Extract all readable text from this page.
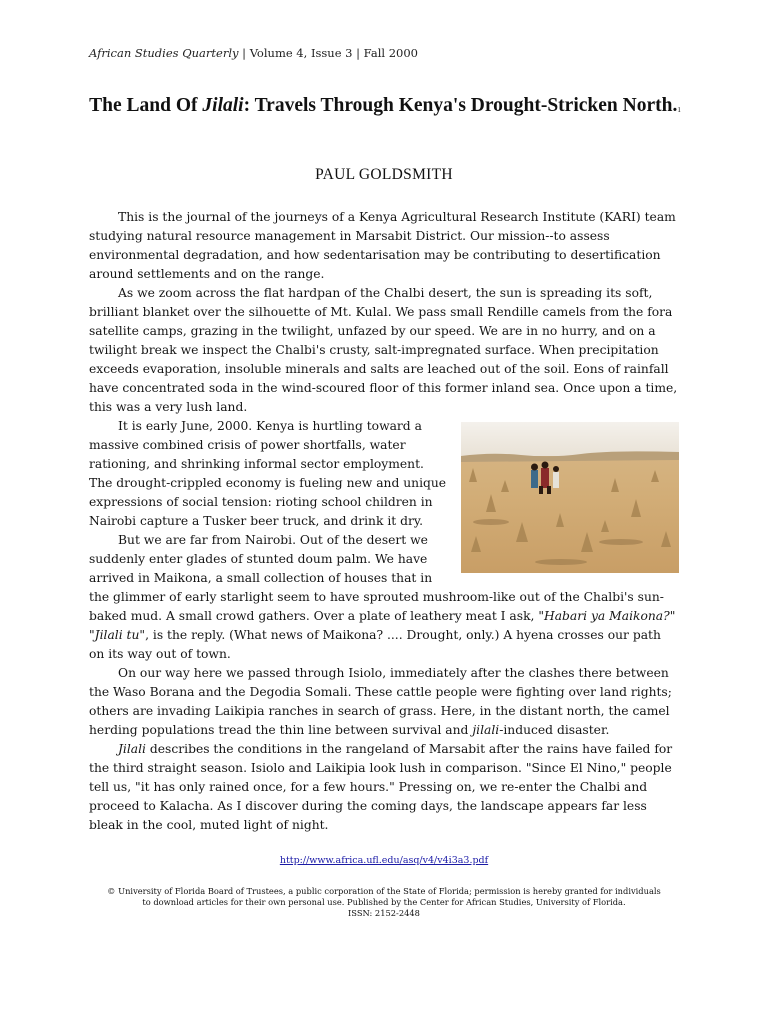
African Studies Quarterly | Volume 4, Issue 3 | Fall 2000
The Land Of Jilali: Travels Through Kenya's Drought-Stricken North.$^1$
PAUL GOLDSMITH

This is the journal of the journeys of a Kenya Agricultural Research Institute (KARI) team studying natural resource management in Marsabit District. Our mission--to assess environmental degradation, and how sedentarisation may be contributing to desertification around settlements and on the range.

As we zoom across the flat hardpan of the Chalbi desert, the sun is spreading its soft, brilliant blanket over the silhouette of Mt. Kulal. We pass small Rendille camels from the fora satellite camps, grazing in the twilight, unfazed by our speed. We are in no hurry, and on a twilight break we inspect the Chalbi's crusty, salt-impregnated surface. When precipitation exceeds evaporation, insoluble minerals and salts are leached out of the soil. Eons of rainfall have concentrated soda in the wind-scoured floor of this former inland sea. Once upon a time, this was a very lush land.

It is early June, 2000. Kenya is hurtling toward a massive combined crisis of power shortfalls, water rationing, and shrinking informal sector employment. The drought-crippled economy is fueling new and unique expressions of social tension: rioting school children in Nairobi capture a Tusker beer truck, and drink it dry.

But we are far from Nairobi. Out of the desert we suddenly enter glades of stunted doum palm. We have arrived in Maikona, a small collection of houses that in the glimmer of early starlight seem to have sprouted mushroom-like out of the Chalbi's sun-baked mud. A small crowd gathers. Over a plate of leathery meat I ask, "Habari ya Maikona?" "Jilali tu", is the reply. (What news of Maikona? .... Drought, only.) A hyena crosses our path on its way out of town.

On our way here we passed through Isiolo, immediately after the clashes there between the Waso Borana and the Degodia Somali. These cattle people were fighting over land rights; others are invading Laikipia ranches in search of grass. Here, in the distant north, the camel herding populations tread the thin line between survival and jilali-induced disaster.

Jilali describes the conditions in the rangeland of Marsabit after the rains have failed for the third straight season. Isiolo and Laikipia look lush in comparison. "Since El Nino," people tell us, "it has only rained once, for a few hours." Pressing on, we re-enter the Chalbi and proceed to Kalacha. As I discover during the coming days, the landscape appears far less bleak in the cool, muted light of night.

http://www.africa.ufl.edu/asq/v4/v4i3a3.pdf
© University of Florida Board of Trustees, a public corporation of the State of Florida; permission is hereby granted for individuals
to download articles for their own personal use. Published by the Center for African Studies, University of Florida.
ISSN: 2152-2448
